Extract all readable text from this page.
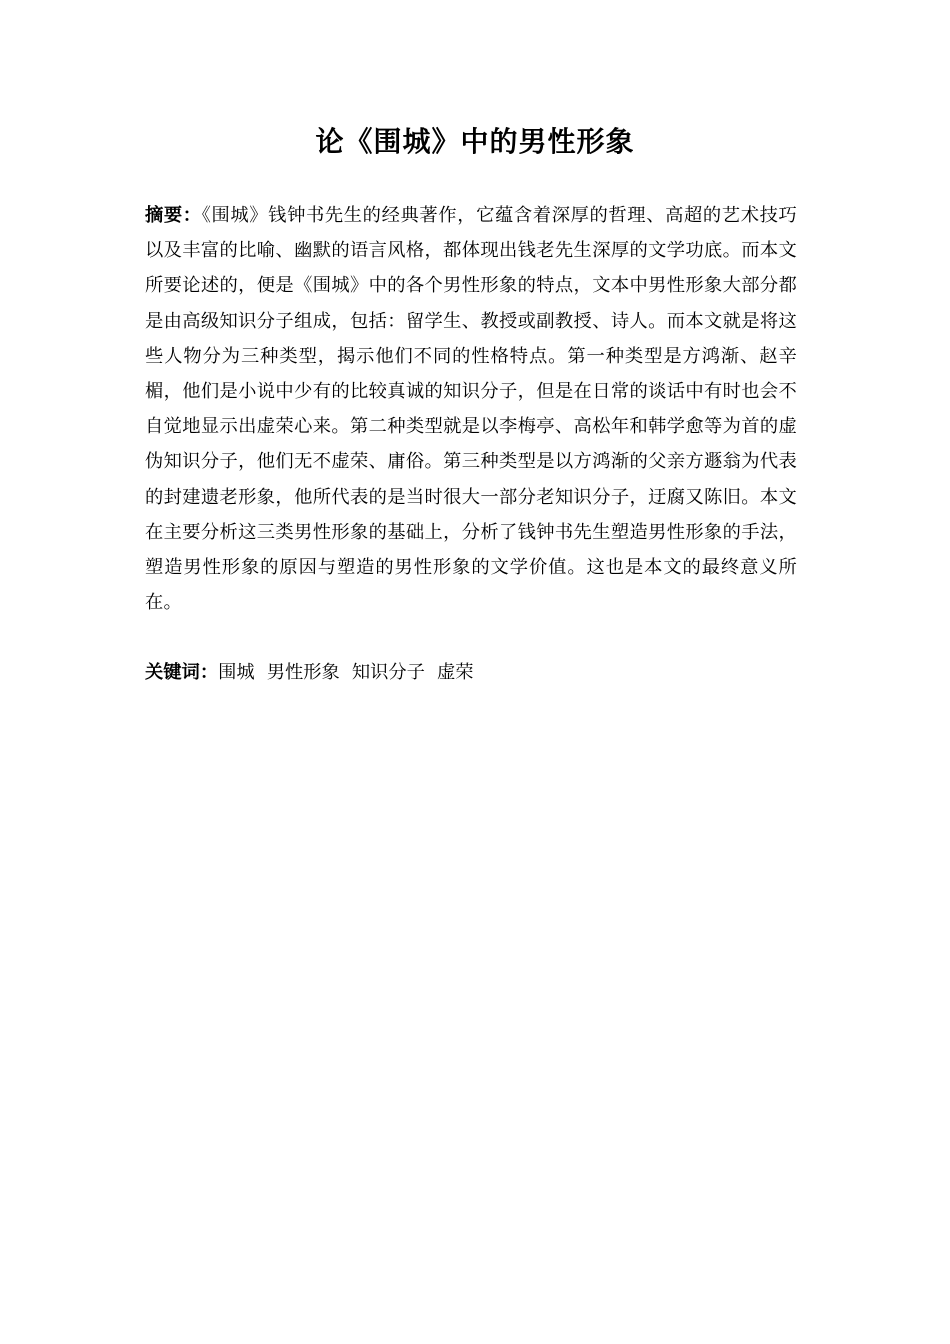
论《围城》中的男性形象
摘要：《围城》钱钟书先生的经典著作，它蕴含着深厚的哲理、高超的艺术技巧以及丰富的比喻、幽默的语言风格，都体现出钱老先生深厚的文学功底。而本文所要论述的，便是《围城》中的各个男性形象的特点，文本中男性形象大部分都是由高级知识分子组成，包括：留学生、教授或副教授、诗人。而本文就是将这些人物分为三种类型，揭示他们不同的性格特点。第一种类型是方鸿渐、赵辛楣，他们是小说中少有的比较真诚的知识分子，但是在日常的谈话中有时也会不自觉地显示出虚荣心来。第二种类型就是以李梅亭、高松年和韩学愈等为首的虚伪知识分子，他们无不虚荣、庸俗。第三种类型是以方鸿渐的父亲方遯翁为代表的封建遗老形象，他所代表的是当时很大一部分老知识分子，迂腐又陈旧。本文在主要分析这三类男性形象的基础上，分析了钱钟书先生塑造男性形象的手法，塑造男性形象的原因与塑造的男性形象的文学价值。这也是本文的最终意义所在。
关键词：围城 男性形象 知识分子 虚荣
